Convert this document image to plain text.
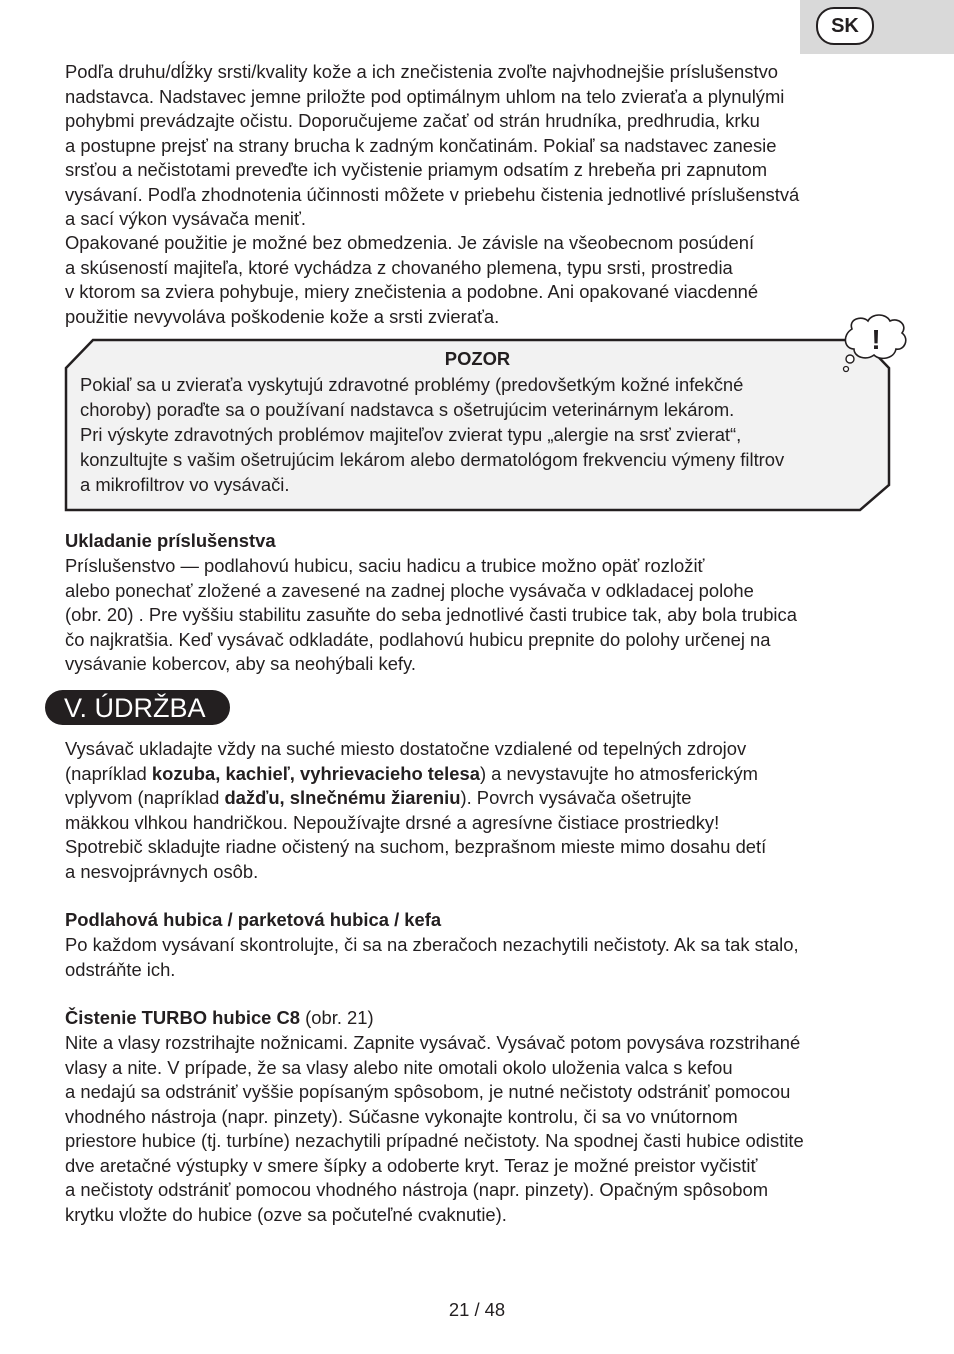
SK

Podľa druhu/dĺžky srsti/kvality kože a ich znečistenia zvoľte najvhodnejšie príslušenstvo
nadstavca. Nadstavec jemne priložte pod optimálnym uhlom na telo zvieraťa a plynulými
pohybmi prevádzajte očistu. Doporučujeme začať od strán hrudníka, predhrudia, krku
a postupne prejsť na strany brucha k zadným končatinám. Pokiaľ sa nadstavec zanesie
srsťou a nečistotami preveďte ich vyčistenie priamym odsatím z hrebeňa pri zapnutom
vysávaní. Podľa zhodnotenia účinnosti môžete v priebehu čistenia jednotlivé príslušenstvá
a sací výkon vysávača meniť.

Opakované použitie je možné bez obmedzenia. Je závisle na všeobecnom posúdení
a skúseností majiteľa, ktoré vychádza z chovaného plemena, typu srsti, prostredia
v ktorom sa zviera pohybuje, miery znečistenia a podobne. Ani opakované viacdenné
použitie nevyvoláva poškodenie kože a srsti zvieraťa.

POZOR
Pokiaľ sa u zvieraťa vyskytujú zdravotné problémy (predovšetkým kožné infekčné
choroby) poraďte sa o používaní nadstavca s ošetrujúcim veterinárnym lekárom.
Pri výskyte zdravotných problémov majiteľov zvierat typu „alergie na srsť zvierat“,
konzultujte s vašim ošetrujúcim lekárom alebo dermatológom frekvenciu výmeny filtrov
a mikrofiltrov vo vysávači.
!

Ukladanie príslušenstva

Príslušenstvo — podlahovú hubicu, saciu hadicu a trubice možno opäť rozložiť
alebo ponechať zložené a zavesené na zadnej ploche vysávača v odkladacej polohe
(obr. 20) . Pre vyššiu stabilitu zasuňte do seba jednotlivé časti trubice tak, aby bola trubica
čo najkratšia. Keď vysávač odkladáte, podlahovú hubicu prepnite do polohy určenej na
vysávanie kobercov, aby sa neohýbali kefy.

V. ÚDRŽBA
Vysávač ukladajte vždy na suché miesto dostatočne vzdialené od tepelných zdrojov
(napríklad kozuba, kachieľ, vyhrievacieho telesa) a nevystavujte ho atmosferickým
vplyvom (napríklad dažďu, slnečnému žiareniu). Povrch vysávača ošetrujte
mäkkou vlhkou handričkou. Nepoužívajte drsné a agresívne čistiace prostriedky!
Spotrebič skladujte riadne očistený na suchom, bezprašnom mieste mimo dosahu detí
a nesvojprávnych osôb.

Podlahová hubica / parketová hubica / kefa

Po každom vysávaní skontrolujte, či sa na zberačoch nezachytili nečistoty. Ak sa tak stalo,
odstráňte ich.

Čistenie TURBO hubice C8 (obr. 21)

Nite a vlasy rozstrihajte nožnicami. Zapnite vysávač. Vysávač potom povysáva rozstrihané
vlasy a nite. V prípade, že sa vlasy alebo nite omotali okolo uloženia valca s kefou
a nedajú sa odstrániť vyššie popísaným spôsobom, je nutné nečistoty odstrániť pomocou
vhodného nástroja (napr. pinzety). Súčasne vykonajte kontrolu, či sa vo vnútornom
priestore hubice (tj. turbíne) nezachytili prípadné nečistoty. Na spodnej časti hubice odistite
dve aretačné výstupky v smere šípky a odoberte kryt. Teraz je možné preistor vyčistiť
a nečistoty odstrániť pomocou vhodného nástroja (napr. pinzety). Opačným spôsobom
krytku vložte do hubice (ozve sa počuteľné cvaknutie).

21 / 48
